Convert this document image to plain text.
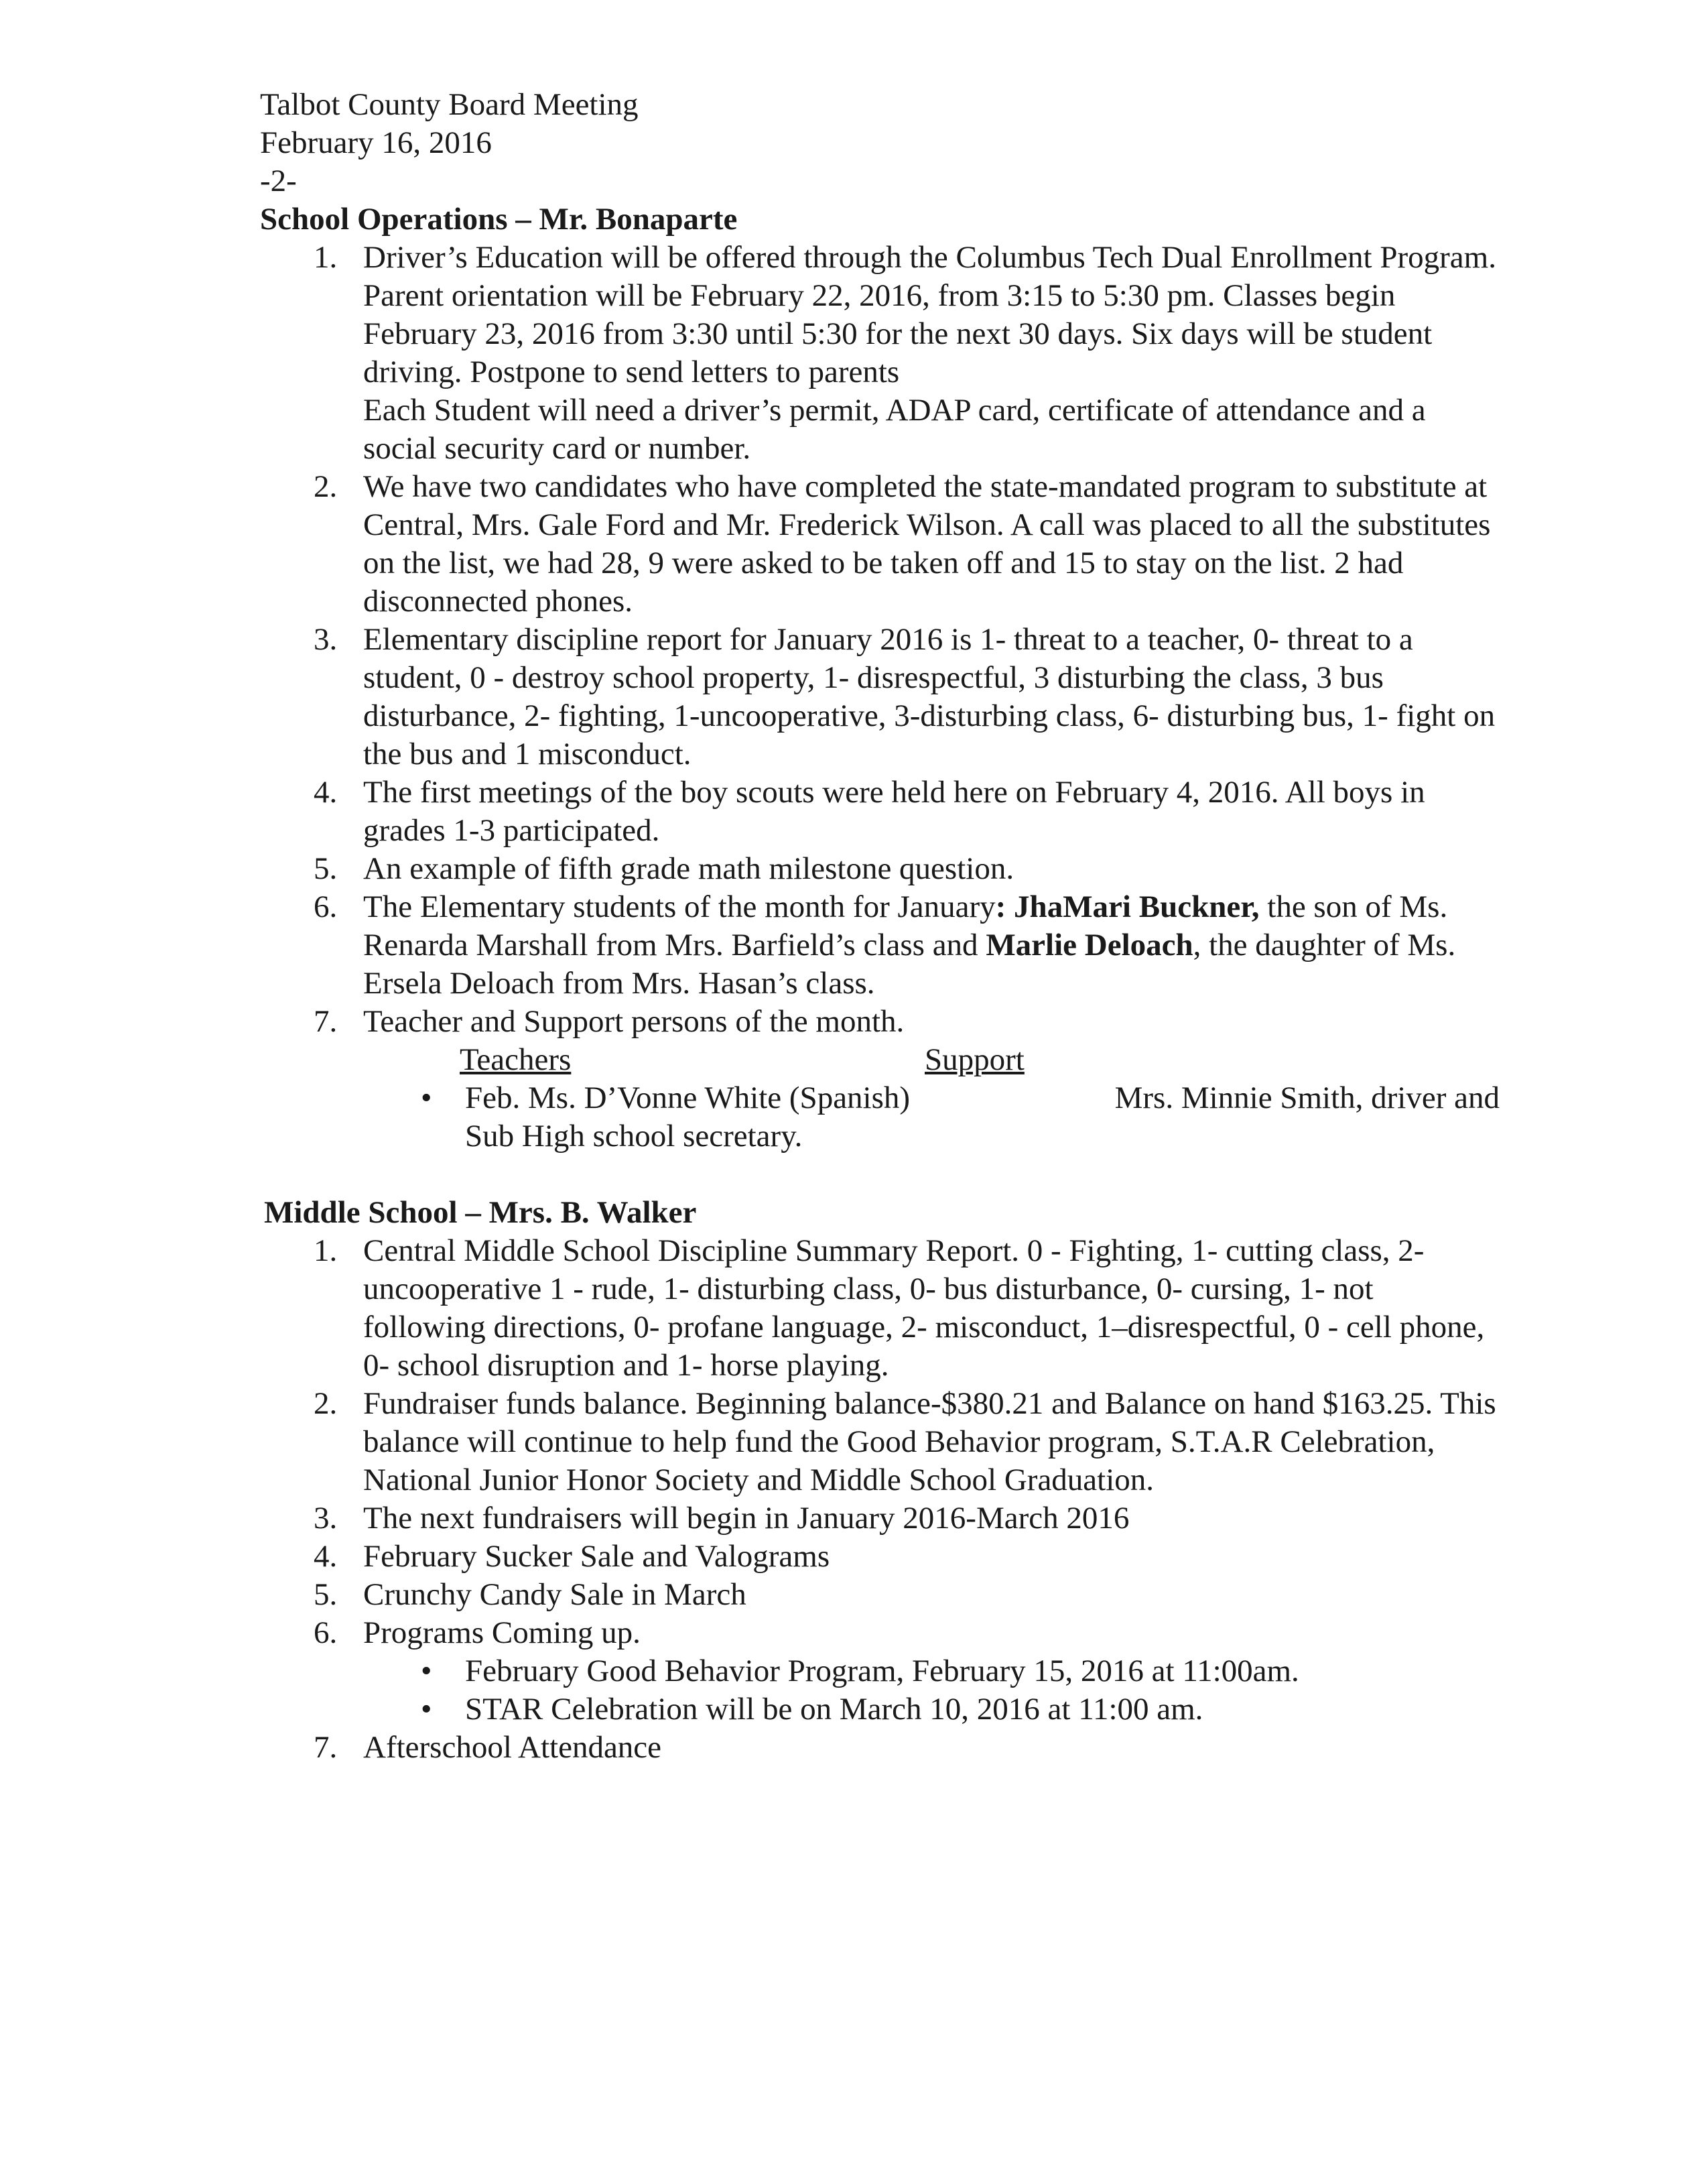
Talbot County Board Meeting
February 16, 2016
-2-
School Operations – Mr. Bonaparte
1. Driver’s Education will be offered through the Columbus Tech Dual Enrollment Program. Parent orientation will be February 22, 2016, from 3:15 to 5:30 pm. Classes begin February 23, 2016 from 3:30 until 5:30 for the next 30 days. Six days will be student driving. Postpone to send letters to parents
Each Student will need a driver’s permit, ADAP card, certificate of attendance and a social security card or number.
2. We have two candidates who have completed the state-mandated program to substitute at Central, Mrs. Gale Ford and Mr. Frederick Wilson. A call was placed to all the substitutes on the list, we had 28, 9 were asked to be taken off and 15 to stay on the list. 2 had disconnected phones.
3. Elementary discipline report for January 2016 is 1- threat to a teacher, 0- threat to a student, 0 - destroy school property, 1- disrespectful, 3 disturbing the class, 3 bus disturbance, 2- fighting, 1-uncooperative, 3-disturbing class, 6- disturbing bus, 1- fight on the bus and 1 misconduct.
4. The first meetings of the boy scouts were held here on February 4, 2016. All boys in grades 1-3 participated.
5. An example of fifth grade math milestone question.
6. The Elementary students of the month for January: JhaMari Buckner, the son of Ms. Renarda Marshall from Mrs. Barfield’s class and Marlie Deloach, the daughter of Ms. Ersela Deloach from Mrs. Hasan’s class.
7. Teacher and Support persons of the month.
Teachers	Support
• Feb. Ms. D’Vonne White (Spanish)	Mrs. Minnie Smith, driver and
Sub High school secretary.
Middle School – Mrs. B. Walker
1. Central Middle School Discipline Summary Report. 0 - Fighting, 1- cutting class, 2- uncooperative 1 - rude, 1- disturbing class, 0- bus disturbance, 0- cursing, 1- not following directions, 0- profane language, 2- misconduct, 1–disrespectful, 0 - cell phone, 0- school disruption and 1- horse playing.
2. Fundraiser funds balance. Beginning balance-$380.21 and Balance on hand $163.25. This balance will continue to help fund the Good Behavior program, S.T.A.R Celebration, National Junior Honor Society and Middle School Graduation.
3. The next fundraisers will begin in January 2016-March 2016
4. February Sucker Sale and Valograms
5. Crunchy Candy Sale in March
6. Programs Coming up.
• February Good Behavior Program, February 15, 2016 at 11:00am.
• STAR Celebration will be on March 10, 2016 at 11:00 am.
7. Afterschool Attendance
